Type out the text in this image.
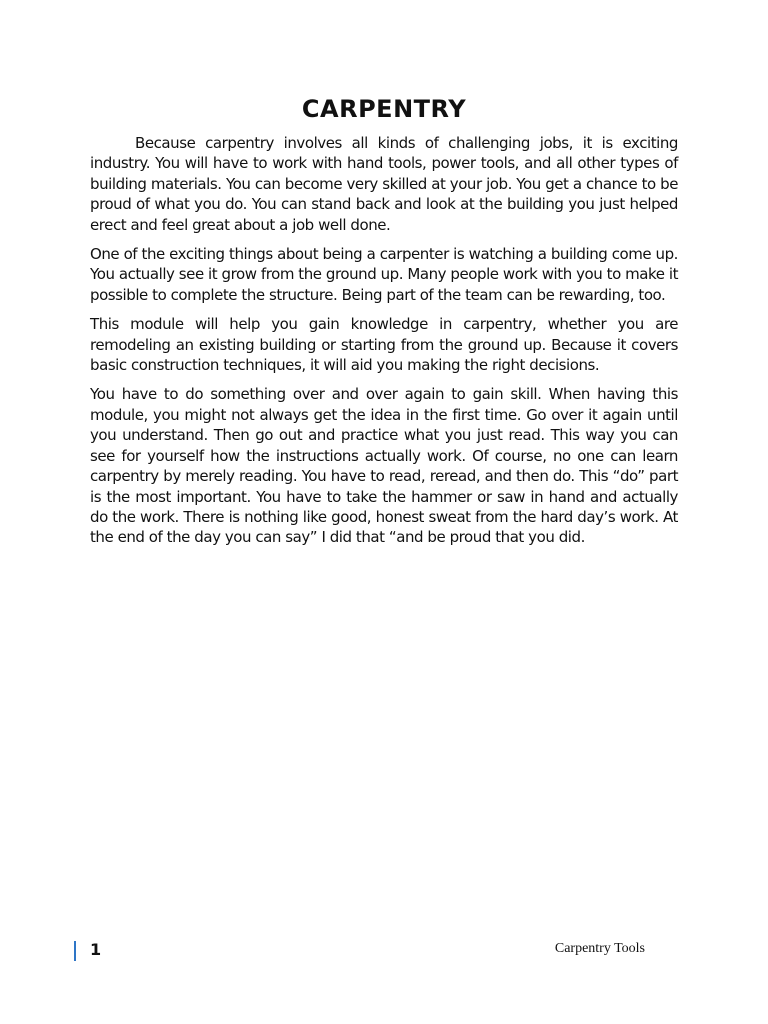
CARPENTRY

Because carpentry involves all kinds of challenging jobs, it is exciting industry. You will have to work with hand tools, power tools, and all other types of building materials. You can become very skilled at your job. You get a chance to be proud of what you do. You can stand back and look at the building you just helped erect and feel great about a job well done.

One of the exciting things about being a carpenter is watching a building come up. You actually see it grow from the ground up. Many people work with you to make it possible to complete the structure. Being part of the team can be rewarding, too.

This module will help you gain knowledge in carpentry, whether you are remodeling an existing building or starting from the ground up. Because it covers basic construction techniques, it will aid you making the right decisions.

You have to do something over and over again to gain skill. When having this module, you might not always get the idea in the first time. Go over it again until you understand. Then go out and practice what you just read. This way you can see for yourself how the instructions actually work. Of course, no one can learn carpentry by merely reading. You have to read, reread, and then do. This “do” part is the most important. You have to take the hammer or saw in hand and actually do the work. There is nothing like good, honest sweat from the hard day’s work. At the end of the day you can say” I did that “and be proud that you did.

1	Carpentry Tools
